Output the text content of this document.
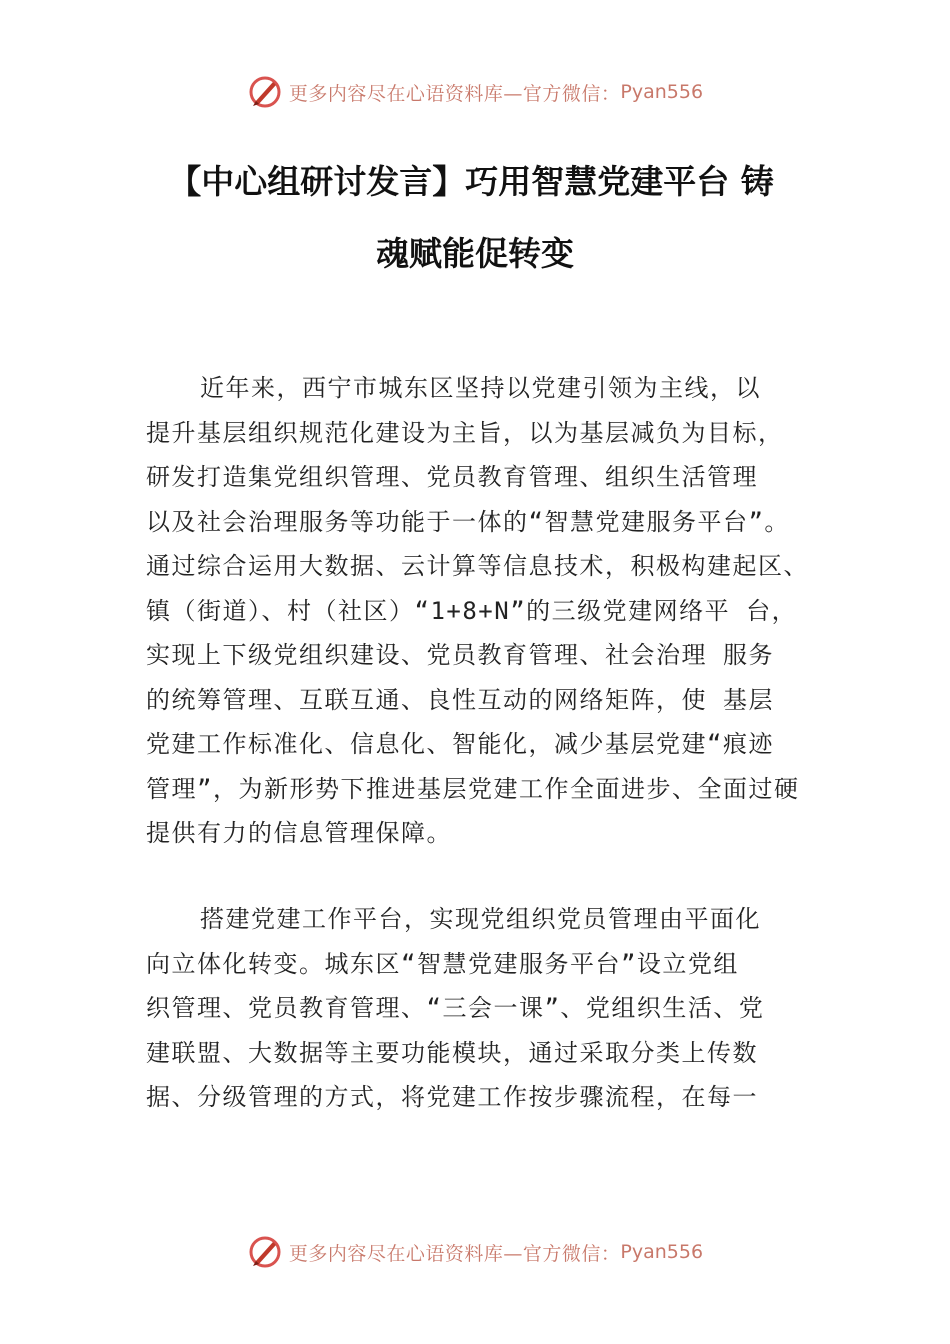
更多内容尽在心语资料库—官方微信： Pyan556
【中心组研讨发言】巧用智慧党建平台 铸
魂赋能促转变
近年来，西宁市城东区坚持以党建引领为主线，以
提升基层组织规范化建设为主旨，以为基层减负为目标，
研发打造集党组织管理、党员教育管理、组织生活管理
以及社会治理服务等功能于一体的“智慧党建服务平台”。
通过综合运用大数据、云计算等信息技术，积极构建起区、
镇（街道）、村（社区）“1+8+N”的三级党建网络平 台，
实现上下级党组织建设、党员教育管理、社会治理 服务
的统筹管理、互联互通、良性互动的网络矩阵，使 基层
党建工作标准化、信息化、智能化，减少基层党建“痕迹
管理”，为新形势下推进基层党建工作全面进步、全面过硬
提供有力的信息管理保障。
搭建党建工作平台，实现党组织党员管理由平面化
向立体化转变。城东区“智慧党建服务平台”设立党组
织管理、党员教育管理、“三会一课”、党组织生活、党
建联盟、大数据等主要功能模块，通过采取分类上传数
据、分级管理的方式，将党建工作按步骤流程，在每一
更多内容尽在心语资料库—官方微信： Pyan556
